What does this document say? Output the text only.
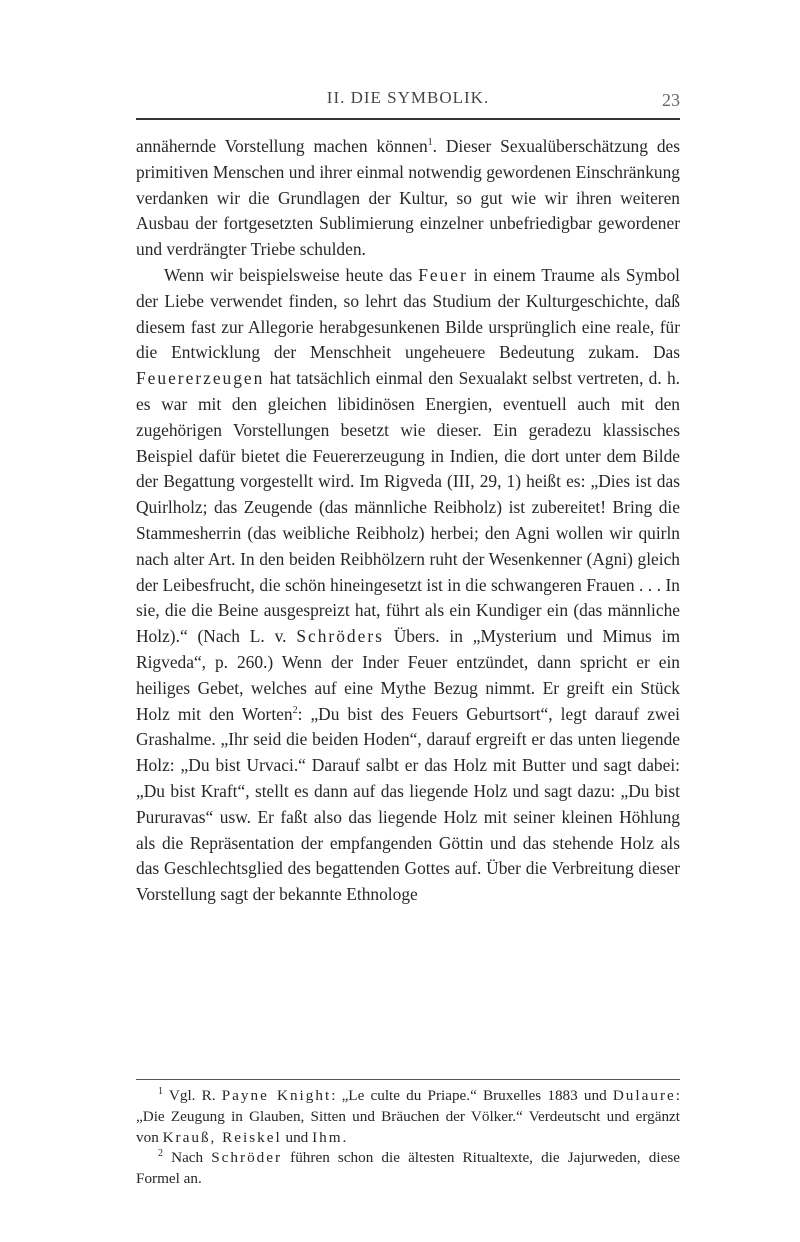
II. DIE SYMBOLIK.	23

annähernde Vorstellung machen können$^1$. Dieser Sexualüberschätzung des primitiven Menschen und ihrer einmal notwendig gewordenen Einschränkung verdanken wir die Grundlagen der Kultur, so gut wie wir ihren weiteren Ausbau der fortgesetzten Sublimierung einzelner unbefriedigbar gewordener und verdrängter Triebe schulden.

Wenn wir beispielsweise heute das Feuer in einem Traume als Symbol der Liebe verwendet finden, so lehrt das Studium der Kulturgeschichte, daß diesem fast zur Allegorie herabgesunkenen Bilde ursprünglich eine reale, für die Entwicklung der Menschheit ungeheuere Bedeutung zukam. Das Feuererzeugen hat tatsächlich einmal den Sexualakt selbst vertreten, d. h. es war mit den gleichen libidinösen Energien, eventuell auch mit den zugehörigen Vorstellungen besetzt wie dieser. Ein geradezu klassisches Beispiel dafür bietet die Feuererzeugung in Indien, die dort unter dem Bilde der Begattung vorgestellt wird. Im Rigveda (III, 29, 1) heißt es: „Dies ist das Quirlholz; das Zeugende (das männliche Reibholz) ist zubereitet! Bring die Stammesherrin (das weibliche Reibholz) herbei; den Agni wollen wir quirln nach alter Art. In den beiden Reibhölzern ruht der Wesenkenner (Agni) gleich der Leibesfrucht, die schön hineingesetzt ist in die schwangeren Frauen . . . In sie, die die Beine ausgespreizt hat, führt als ein Kundiger ein (das männliche Holz).“ (Nach L. v. Schröders Übers. in „Mysterium und Mimus im Rigveda“, p. 260.) Wenn der Inder Feuer entzündet, dann spricht er ein heiliges Gebet, welches auf eine Mythe Bezug nimmt. Er greift ein Stück Holz mit den Worten$^2$: „Du bist des Feuers Geburtsort“, legt darauf zwei Grashalme. „Ihr seid die beiden Hoden“, darauf ergreift er das unten liegende Holz: „Du bist Urvaci.“ Darauf salbt er das Holz mit Butter und sagt dabei: „Du bist Kraft“, stellt es dann auf das liegende Holz und sagt dazu: „Du bist Pururavas“ usw. Er faßt also das liegende Holz mit seiner kleinen Höhlung als die Repräsentation der empfangenden Göttin und das stehende Holz als das Geschlechtsglied des begattenden Gottes auf. Über die Verbreitung dieser Vorstellung sagt der bekannte Ethnologe

$^1$ Vgl. R. Payne Knight: „Le culte du Priape.“ Bruxelles 1883 und Dulaure: „Die Zeugung in Glauben, Sitten und Bräuchen der Völker.“ Verdeutscht und ergänzt von Krauß, Reiskel und Ihm.

$^2$ Nach Schröder führen schon die ältesten Ritualtexte, die Jajurweden, diese Formel an.
